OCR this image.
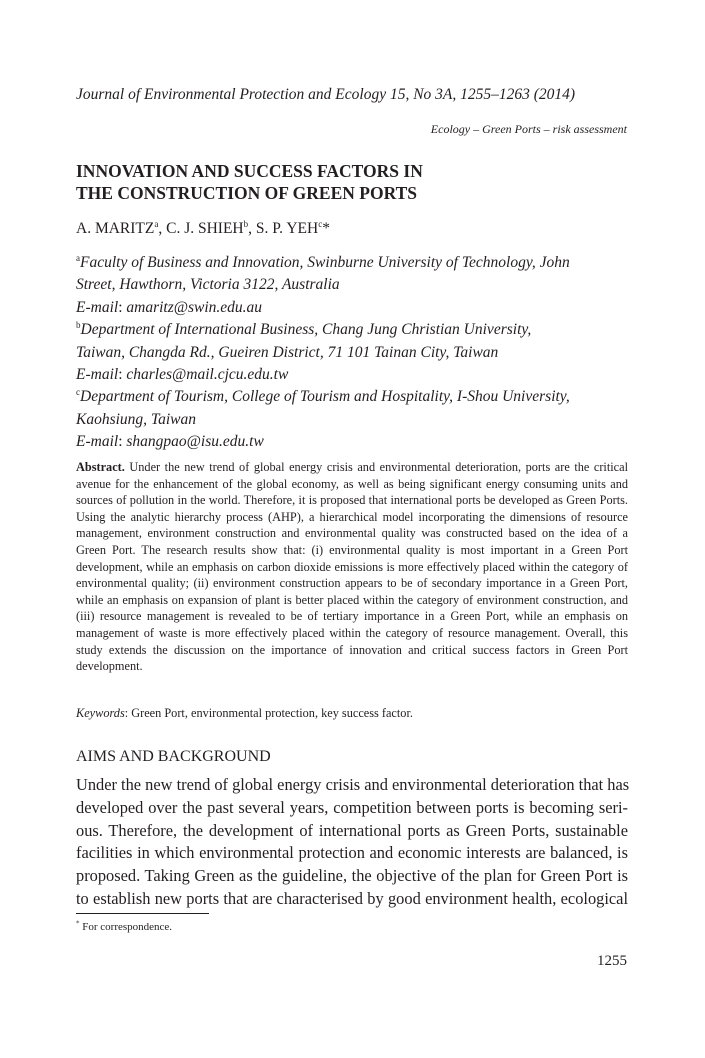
Journal of Environmental Protection and Ecology 15, No 3A, 1255–1263 (2014)
Ecology – Green Ports – risk assessment
INNOVATION AND SUCCESS FACTORS IN
THE CONSTRUCTION OF GREEN PORTS
A. MARITZ$^a$, C. J. SHIEH$^b$, S. P. YEH$^c$*
$^a$Faculty of Business and Innovation, Swinburne University of Technology, John
Street, Hawthorn, Victoria 3122, Australia
E-mail: amaritz@swin.edu.au
$^b$Department of International Business, Chang Jung Christian University,
Taiwan, Changda Rd., Gueiren District, 71 101 Tainan City, Taiwan
E-mail: charles@mail.cjcu.edu.tw
$^c$Department of Tourism, College of Tourism and Hospitality, I-Shou University,
Kaohsiung, Taiwan
E-mail: shangpao@isu.edu.tw

Abstract. Under the new trend of global energy crisis and environmental deterioration, ports are the critical avenue for the enhancement of the global economy, as well as being significant energy consuming units and sources of pollution in the world. Therefore, it is proposed that international ports be developed as Green Ports. Using the analytic hierarchy process (AHP), a hierarchical model incorporating the dimensions of resource management, environment construction and environmental quality was constructed based on the idea of a Green Port. The research results show that: (i) environmental quality is most important in a Green Port development, while an emphasis on carbon dioxide emissions is more effectively placed within the category of environmental quality; (ii) environment construction appears to be of secondary importance in a Green Port, while an emphasis on expansion of plant is better placed within the category of environment construction, and (iii) resource management is revealed to be of tertiary importance in a Green Port, while an emphasis on management of waste is more effectively placed within the category of resource management. Overall, this study extends the discussion on the importance of innovation and critical success factors in Green Port development.

Keywords: Green Port, environmental protection, key success factor.
AIMS AND BACKGROUND
Under the new trend of global energy crisis and environmental deterioration that has
developed over the past several years, competition between ports is becoming seri-
ous. Therefore, the development of international ports as Green Ports, sustainable
facilities in which environmental protection and economic interests are balanced, is
proposed. Taking Green as the guideline, the objective of the plan for Green Port is
to establish new ports that are characterised by good environment health, ecological
* For correspondence.
1255
